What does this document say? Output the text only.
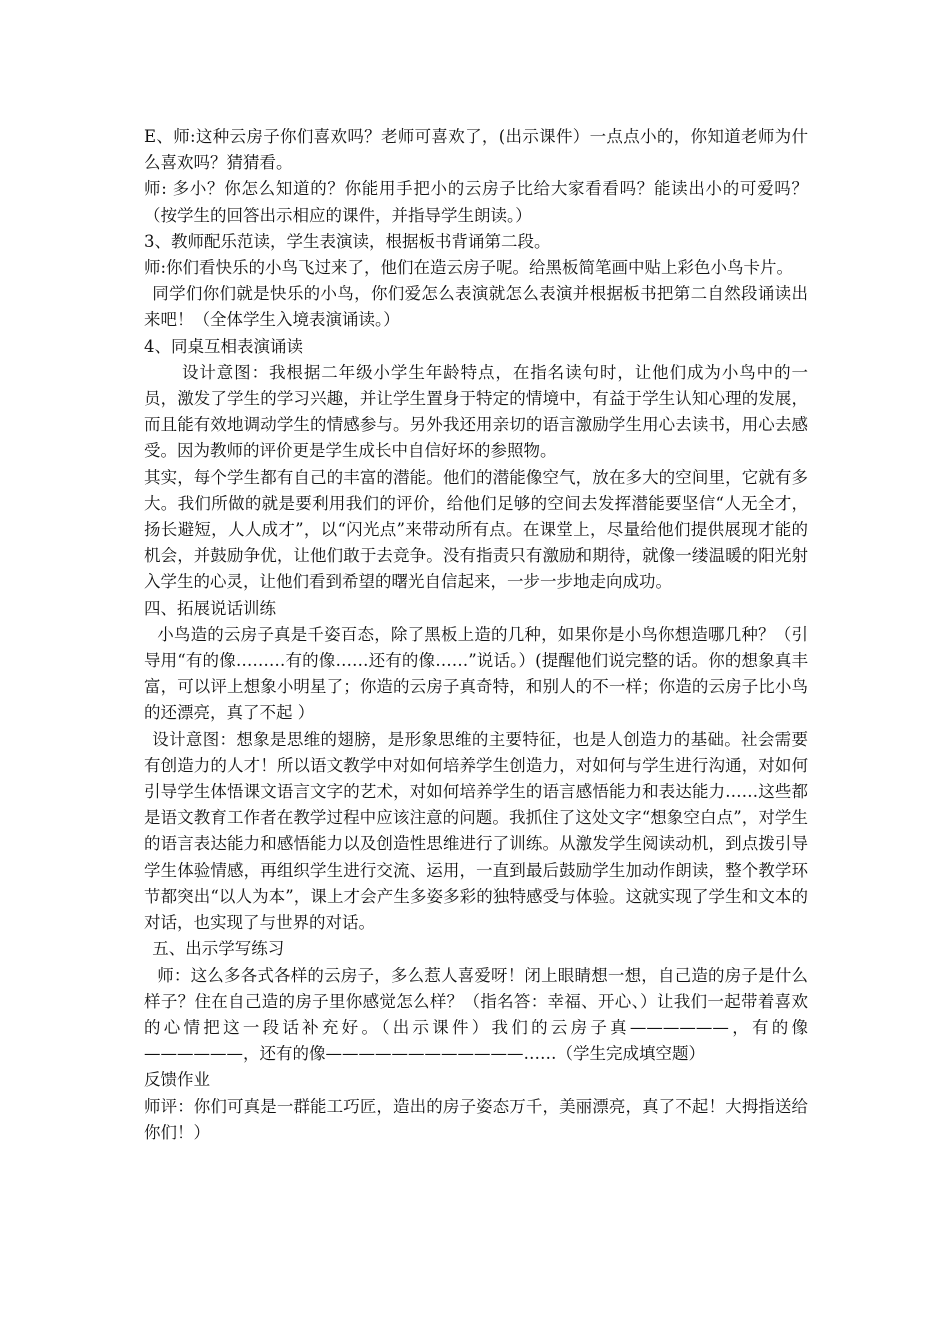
E、师:这种云房子你们喜欢吗？老师可喜欢了，(出示课件）一点点小的，你知道老师为什么喜欢吗？猜猜看。

师: 多小？你怎么知道的？你能用手把小的云房子比给大家看看吗？能读出小的可爱吗？（按学生的回答出示相应的课件，并指导学生朗读。）

3、教师配乐范读，学生表演读，根据板书背诵第二段。

师:你们看快乐的小鸟飞过来了，他们在造云房子呢。给黑板简笔画中贴上彩色小鸟卡片。

同学们你们就是快乐的小鸟，你们爱怎么表演就怎么表演并根据板书把第二自然段诵读出来吧！（全体学生入境表演诵读。）

4、同桌互相表演诵读

设计意图：我根据二年级小学生年龄特点，在指名读句时，让他们成为小鸟中的一员，激发了学生的学习兴趣，并让学生置身于特定的情境中，有益于学生认知心理的发展，而且能有效地调动学生的情感参与。另外我还用亲切的语言激励学生用心去读书，用心去感受。因为教师的评价更是学生成长中自信好坏的参照物。

其实，每个学生都有自己的丰富的潜能。他们的潜能像空气，放在多大的空间里，它就有多大。我们所做的就是要利用我们的评价，给他们足够的空间去发挥潜能要坚信“人无全才，扬长避短，人人成才”，以“闪光点”来带动所有点。在课堂上，尽量给他们提供展现才能的机会，并鼓励争优，让他们敢于去竞争。没有指责只有激励和期待，就像一缕温暖的阳光射入学生的心灵，让他们看到希望的曙光自信起来，一步一步地走向成功。

四、拓展说话训练

小鸟造的云房子真是千姿百态，除了黑板上造的几种，如果你是小鸟你想造哪几种？（引导用“有的像………有的像……还有的像……”说话。）(提醒他们说完整的话。你的想象真丰富，可以评上想象小明星了；你造的云房子真奇特，和别人的不一样；你造的云房子比小鸟的还漂亮，真了不起 ）

设计意图：想象是思维的翅膀，是形象思维的主要特征，也是人创造力的基础。社会需要有创造力的人才！所以语文教学中对如何培养学生创造力，对如何与学生进行沟通，对如何引导学生体悟课文语言文字的艺术，对如何培养学生的语言感悟能力和表达能力……这些都是语文教育工作者在教学过程中应该注意的问题。我抓住了这处文字“想象空白点”，对学生的语言表达能力和感悟能力以及创造性思维进行了训练。从激发学生阅读动机，到点拨引导学生体验情感，再组织学生进行交流、运用，一直到最后鼓励学生加动作朗读，整个教学环节都突出“以人为本”，课上才会产生多姿多彩的独特感受与体验。这就实现了学生和文本的对话，也实现了与世界的对话。

五、出示学写练习

师：这么多各式各样的云房子，多么惹人喜爱呀！闭上眼睛想一想，自己造的房子是什么样子？住在自己造的房子里你感觉怎么样？（指名答：幸福、开心、）让我们一起带着喜欢的心情把这一段话补充好。（出示课件）我们的云房子真——————，有的像——————，还有的像————————————……（学生完成填空题）

反馈作业

师评：你们可真是一群能工巧匠，造出的房子姿态万千，美丽漂亮，真了不起！大拇指送给你们！）
